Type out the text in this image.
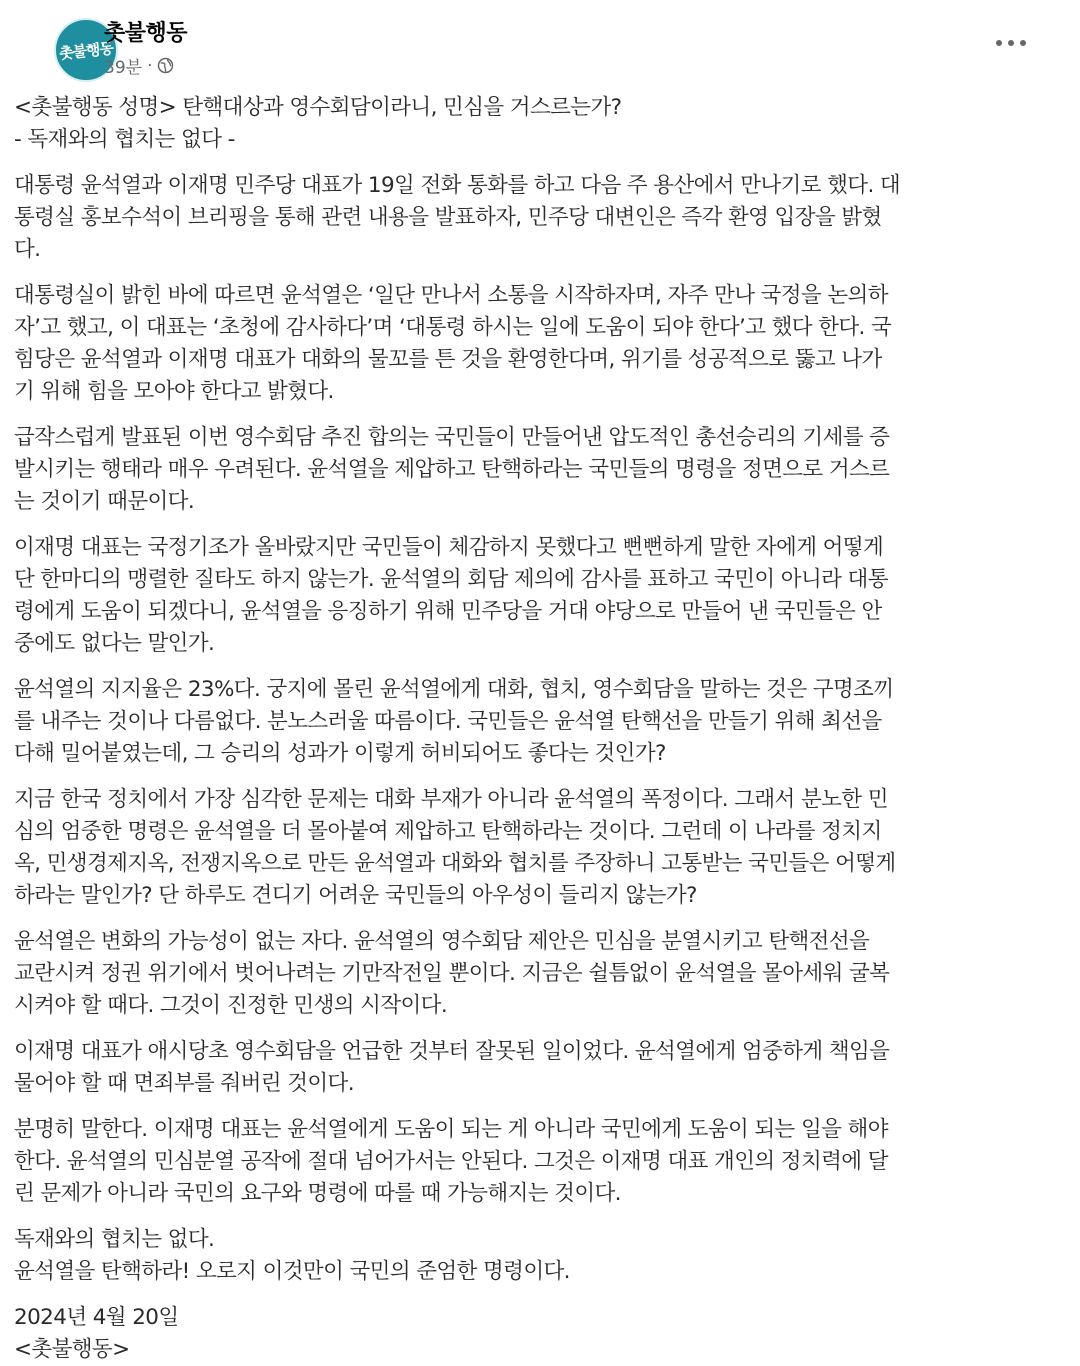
촛불행동
촛불행동
39분 ·
<촛불행동 성명> 탄핵대상과 영수회담이라니, 민심을 거스르는가?
- 독재와의 협치는 없다 -
대통령 윤석열과 이재명 민주당 대표가 19일 전화 통화를 하고 다음 주 용산에서 만나기로 했다. 대
통령실 홍보수석이 브리핑을 통해 관련 내용을 발표하자, 민주당 대변인은 즉각 환영 입장을 밝혔
다.
대통령실이 밝힌 바에 따르면 윤석열은 ‘일단 만나서 소통을 시작하자며, 자주 만나 국정을 논의하
자’고 했고, 이 대표는 ‘초청에 감사하다’며 ‘대통령 하시는 일에 도움이 되야 한다’고 했다 한다. 국
힘당은 윤석열과 이재명 대표가 대화의 물꼬를 튼 것을 환영한다며, 위기를 성공적으로 뚫고 나가
기 위해 힘을 모아야 한다고 밝혔다.
급작스럽게 발표된 이번 영수회담 추진 합의는 국민들이 만들어낸 압도적인 총선승리의 기세를 증
발시키는 행태라 매우 우려된다. 윤석열을 제압하고 탄핵하라는 국민들의 명령을 정면으로 거스르
는 것이기 때문이다.
이재명 대표는 국정기조가 올바랐지만 국민들이 체감하지 못했다고 뻔뻔하게 말한 자에게 어떻게
단 한마디의 맹렬한 질타도 하지 않는가. 윤석열의 회담 제의에 감사를 표하고 국민이 아니라 대통
령에게 도움이 되겠다니, 윤석열을 응징하기 위해 민주당을 거대 야당으로 만들어 낸 국민들은 안
중에도 없다는 말인가.
윤석열의 지지율은 23%다. 궁지에 몰린 윤석열에게 대화, 협치, 영수회담을 말하는 것은 구명조끼
를 내주는 것이나 다름없다. 분노스러울 따름이다. 국민들은 윤석열 탄핵선을 만들기 위해 최선을
다해 밀어붙였는데, 그 승리의 성과가 이렇게 허비되어도 좋다는 것인가?
지금 한국 정치에서 가장 심각한 문제는 대화 부재가 아니라 윤석열의 폭정이다. 그래서 분노한 민
심의 엄중한 명령은 윤석열을 더 몰아붙여 제압하고 탄핵하라는 것이다. 그런데 이 나라를 정치지
옥, 민생경제지옥, 전쟁지옥으로 만든 윤석열과 대화와 협치를 주장하니 고통받는 국민들은 어떻게
하라는 말인가? 단 하루도 견디기 어려운 국민들의 아우성이 들리지 않는가?
윤석열은 변화의 가능성이 없는 자다. 윤석열의 영수회담 제안은 민심을 분열시키고 탄핵전선을
교란시켜 정권 위기에서 벗어나려는 기만작전일 뿐이다. 지금은 쉴틈없이 윤석열을 몰아세워 굴복
시켜야 할 때다. 그것이 진정한 민생의 시작이다.
이재명 대표가 애시당초 영수회담을 언급한 것부터 잘못된 일이었다. 윤석열에게 엄중하게 책임을
물어야 할 때 면죄부를 줘버린 것이다.
분명히 말한다. 이재명 대표는 윤석열에게 도움이 되는 게 아니라 국민에게 도움이 되는 일을 해야
한다. 윤석열의 민심분열 공작에 절대 넘어가서는 안된다. 그것은 이재명 대표 개인의 정치력에 달
린 문제가 아니라 국민의 요구와 명령에 따를 때 가능해지는 것이다.
독재와의 협치는 없다.
윤석열을 탄핵하라! 오로지 이것만이 국민의 준엄한 명령이다.
2024년 4월 20일
<촛불행동>
